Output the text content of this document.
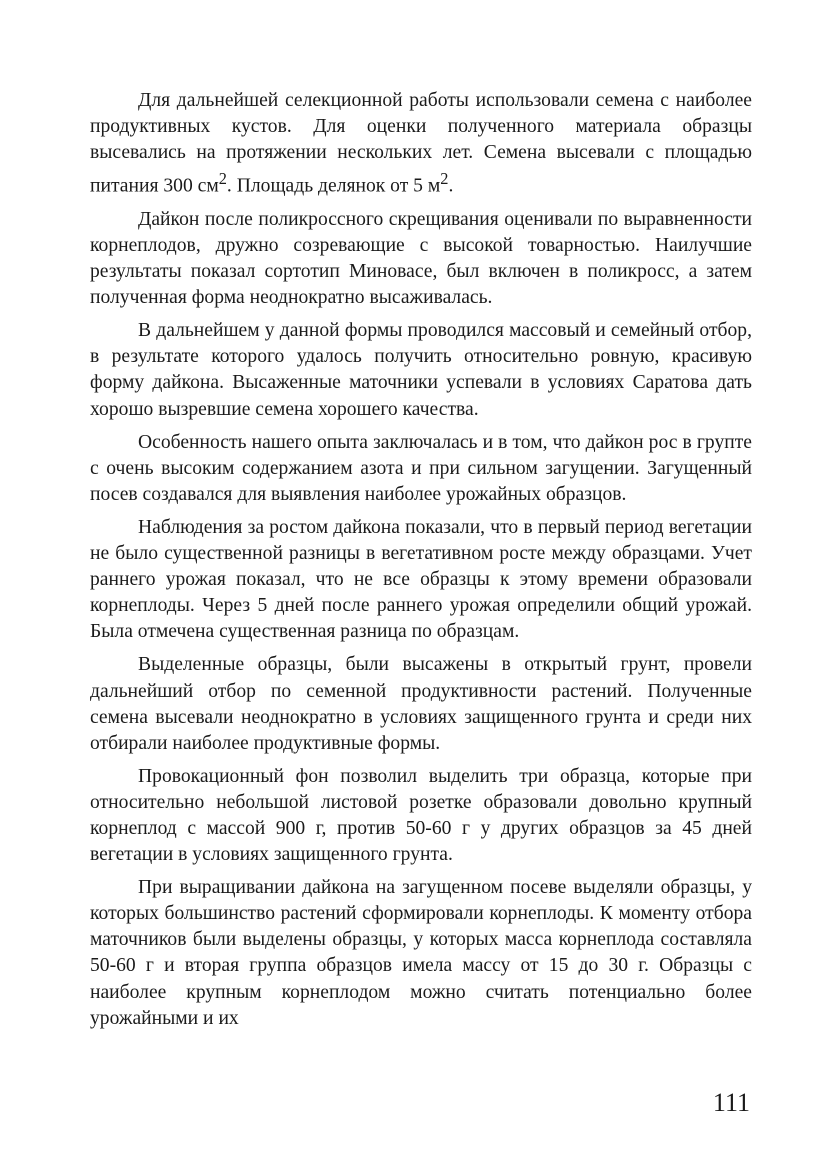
Для дальнейшей селекционной работы использовали семена с наиболее продуктивных кустов. Для оценки полученного материала образцы высевались на протяжении нескольких лет. Семена высевали с площадью питания 300 $см^2$. Площадь делянок от 5 $м^2$.

Дайкон после поликроссного скрещивания оценивали по выравненности корнеплодов, дружно созревающие с высокой товарностью. Наилучшие результаты показал сортотип Миновасе, был включен в поликросс, а затем полученная форма неоднократно высаживалась.

В дальнейшем у данной формы проводился массовый и семейный отбор, в результате которого удалось получить относительно ровную, красивую форму дайкона. Высаженные маточники успевали в условиях Саратова дать хорошо вызревшие семена хорошего качества.

Особенность нашего опыта заключалась и в том, что дайкон рос в групте с очень высоким содержанием азота и при сильном загущении. Загущенный посев создавался для выявления наиболее урожайных образцов.

Наблюдения за ростом дайкона показали, что в первый период вегетации не было существенной разницы в вегетативном росте между образцами. Учет раннего урожая показал, что не все образцы к этому времени образовали корнеплоды. Через 5 дней после раннего урожая определили общий урожай. Была отмечена существенная разница по образцам.

Выделенные образцы, были высажены в открытый грунт, провели дальнейший отбор по семенной продуктивности растений. Полученные семена высевали неоднократно в условиях защищенного грунта и среди них отбирали наиболее продуктивные формы.

Провокационный фон позволил выделить три образца, которые при относительно небольшой листовой розетке образовали довольно крупный корнеплод с массой 900 г, против 50-60 г у других образцов за 45 дней вегетации в условиях защищенного грунта.

При выращивании дайкона на загущенном посеве выделяли образцы, у которых большинство растений сформировали корнеплоды. К моменту отбора маточников были выделены образцы, у которых масса корнеплода составляла 50-60 г и вторая группа образцов имела массу от 15 до 30 г. Образцы с наиболее крупным корнеплодом можно считать потенциально более урожайными и их

111
